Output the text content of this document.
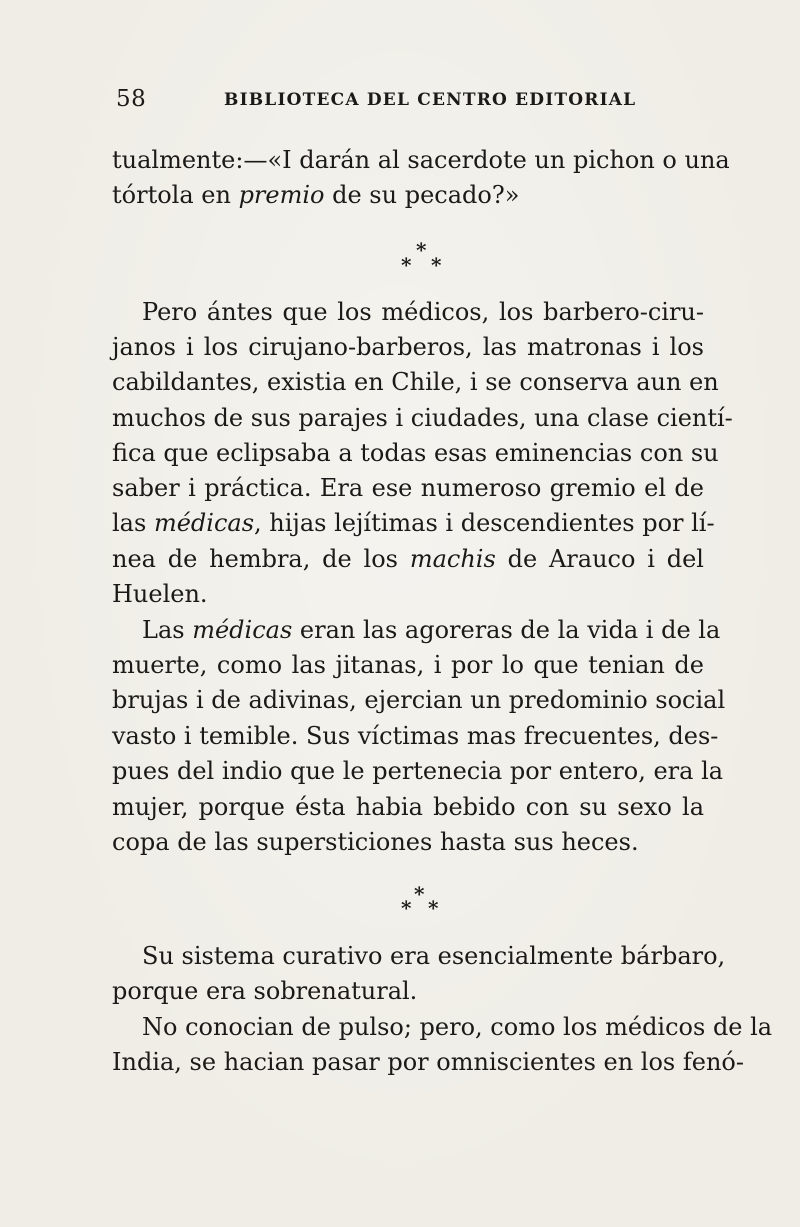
58	BIBLIOTECA DEL CENTRO EDITORIAL
tualmente:—«I darán al sacerdote un pichon o una
tórtola en premio de su pecado?»
*
* *
Pero ántes que los médicos, los barbero-ciru-
janos i los cirujano-barberos, las matronas i los
cabildantes, existia en Chile, i se conserva aun en
muchos de sus parajes i ciudades, una clase cientí-
fica que eclipsaba a todas esas eminencias con su
saber i práctica. Era ese numeroso gremio el de
las médicas, hijas lejítimas i descendientes por lí-
nea de hembra, de los machis de Arauco i del
Huelen.
Las médicas eran las agoreras de la vida i de la
muerte, como las jitanas, i por lo que tenian de
brujas i de adivinas, ejercian un predominio social
vasto i temible. Sus víctimas mas frecuentes, des-
pues del indio que le pertenecia por entero, era la
mujer, porque ésta habia bebido con su sexo la
copa de las supersticiones hasta sus heces.
*
* *
Su sistema curativo era esencialmente bárbaro,
porque era sobrenatural.
No conocian de pulso; pero, como los médicos de la
India, se hacian pasar por omniscientes en los fenó-
